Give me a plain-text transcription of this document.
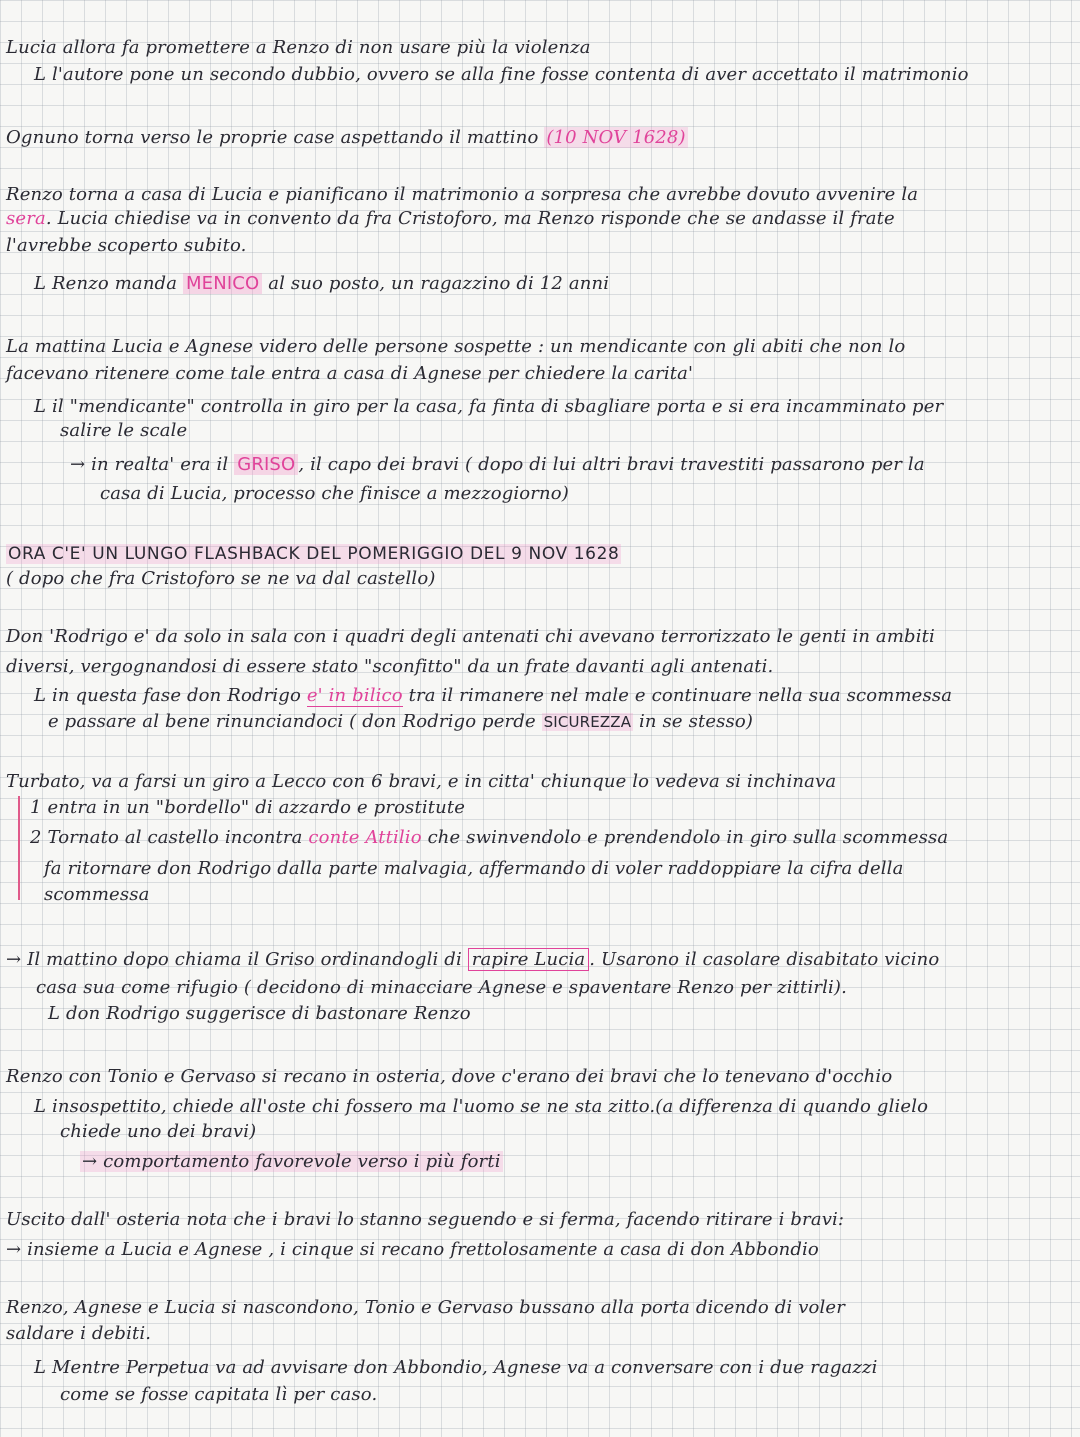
Lucia allora fa promettere a Renzo di non usare più la violenza
L l'autore pone un secondo dubbio, ovvero se alla fine fosse contenta di aver accettato il matrimonio
Ognuno torna verso le proprie case aspettando il mattino (10 NOV 1628)
Renzo torna a casa di Lucia e pianificano il matrimonio a sorpresa che avrebbe dovuto avvenire la
sera. Lucia chiedise va in convento da fra Cristoforo, ma Renzo risponde che se andasse il frate
l'avrebbe scoperto subito.
L Renzo manda MENICO al suo posto, un ragazzino di 12 anni
La mattina Lucia e Agnese videro delle persone sospette : un mendicante con gli abiti che non lo
facevano ritenere come tale entra a casa di Agnese per chiedere la carita'
L il "mendicante" controlla in giro per la casa, fa finta di sbagliare porta e si era incamminato per
salire le scale
→ in realta' era il GRISO , il capo dei bravi ( dopo di lui altri bravi travestiti passarono per la
casa di Lucia, processo che finisce a mezzogiorno)
ORA C'E' UN LUNGO FLASHBACK DEL POMERIGGIO DEL 9 NOV 1628
( dopo che fra Cristoforo se ne va dal castello)
Don 'Rodrigo e' da solo in sala con i quadri degli antenati chi avevano terrorizzato le genti in ambiti
diversi, vergognandosi di essere stato "sconfitto" da un frate davanti agli antenati.
L in questa fase don Rodrigo e' in bilico tra il rimanere nel male e continuare nella sua scommessa
e passare al bene rinunciandoci ( don Rodrigo perde SICUREZZA in se stesso)
Turbato, va a farsi un giro a Lecco con 6 bravi, e in citta' chiunque lo vedeva si inchinava
1 entra in un "bordello" di azzardo e prostitute
2 Tornato al castello incontra conte Attilio che swinvendolo e prendendolo in giro sulla scommessa
fa ritornare don Rodrigo dalla parte malvagia, affermando di voler raddoppiare la cifra della
scommessa
→ Il mattino dopo chiama il Griso ordinandogli di rapire Lucia . Usarono il casolare disabitato vicino
casa sua come rifugio ( decidono di minacciare Agnese e spaventare Renzo per zittirli).
L don Rodrigo suggerisce di bastonare Renzo
Renzo con Tonio e Gervaso si recano in osteria, dove c'erano dei bravi che lo tenevano d'occhio
L insospettito, chiede all'oste chi fossero ma l'uomo se ne sta zitto.(a differenza di quando glielo
chiede uno dei bravi)
→ comportamento favorevole verso i più forti
Uscito dall' osteria nota che i bravi lo stanno seguendo e si ferma, facendo ritirare i bravi:
→ insieme a Lucia e Agnese , i cinque si recano frettolosamente a casa di don Abbondio
Renzo, Agnese e Lucia si nascondono, Tonio e Gervaso bussano alla porta dicendo di voler
saldare i debiti.
L Mentre Perpetua va ad avvisare don Abbondio, Agnese va a conversare con i due ragazzi
come se fosse capitata lì per caso.
